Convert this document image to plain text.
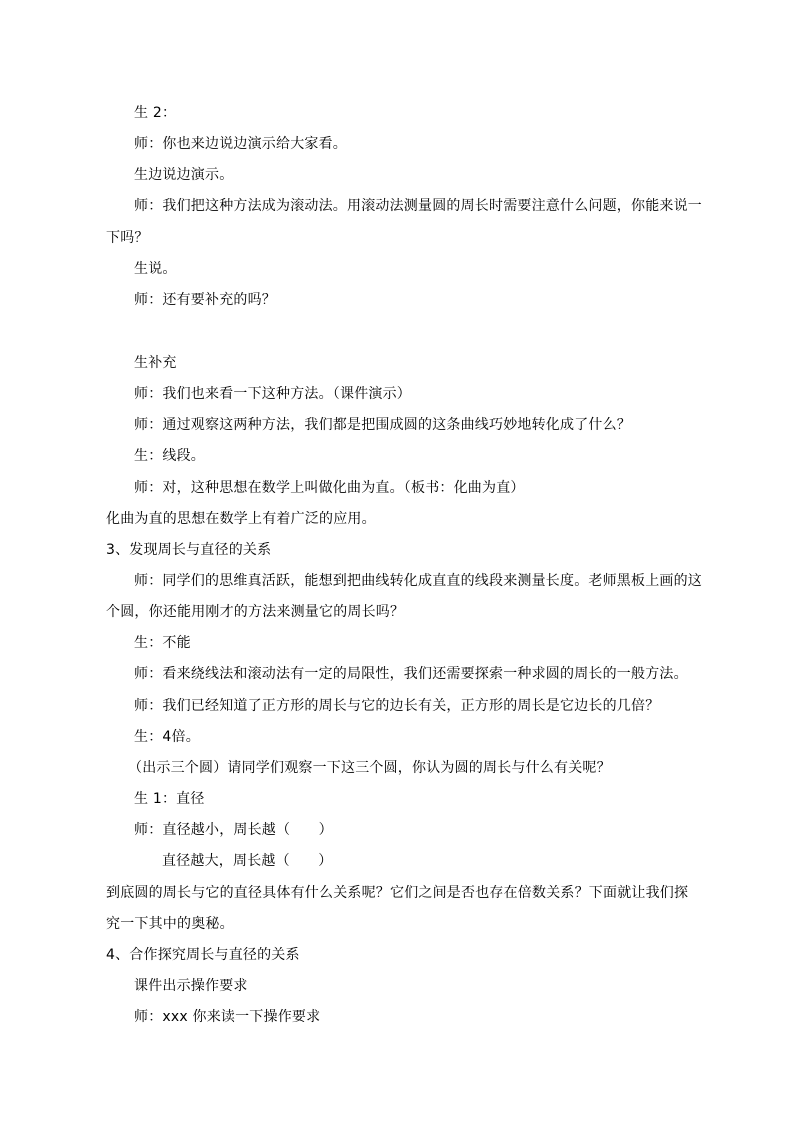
生 2：
师：你也来边说边演示给大家看。
生边说边演示。
师：我们把这种方法成为滚动法。用滚动法测量圆的周长时需要注意什么问题，你能来说一
下吗？
生说。
师：还有要补充的吗？
生补充
师：我们也来看一下这种方法。（课件演示）
师：通过观察这两种方法，我们都是把围成圆的这条曲线巧妙地转化成了什么？
生：线段。
师：对，这种思想在数学上叫做化曲为直。（板书：化曲为直）
化曲为直的思想在数学上有着广泛的应用。
3、发现周长与直径的关系
师：同学们的思维真活跃，能想到把曲线转化成直直的线段来测量长度。老师黑板上画的这
个圆，你还能用刚才的方法来测量它的周长吗？
生：不能
师：看来绕线法和滚动法有一定的局限性，我们还需要探索一种求圆的周长的一般方法。
师：我们已经知道了正方形的周长与它的边长有关，正方形的周长是它边长的几倍？
生：4倍。
（出示三个圆）请同学们观察一下这三个圆，你认为圆的周长与什么有关呢？
生 1：直径
师：直径越小，周长越（　　）
直径越大，周长越（　　）
到底圆的周长与它的直径具体有什么关系呢？它们之间是否也存在倍数关系？下面就让我们探
究一下其中的奥秘。
4、合作探究周长与直径的关系
课件出示操作要求
师：xxx 你来读一下操作要求
